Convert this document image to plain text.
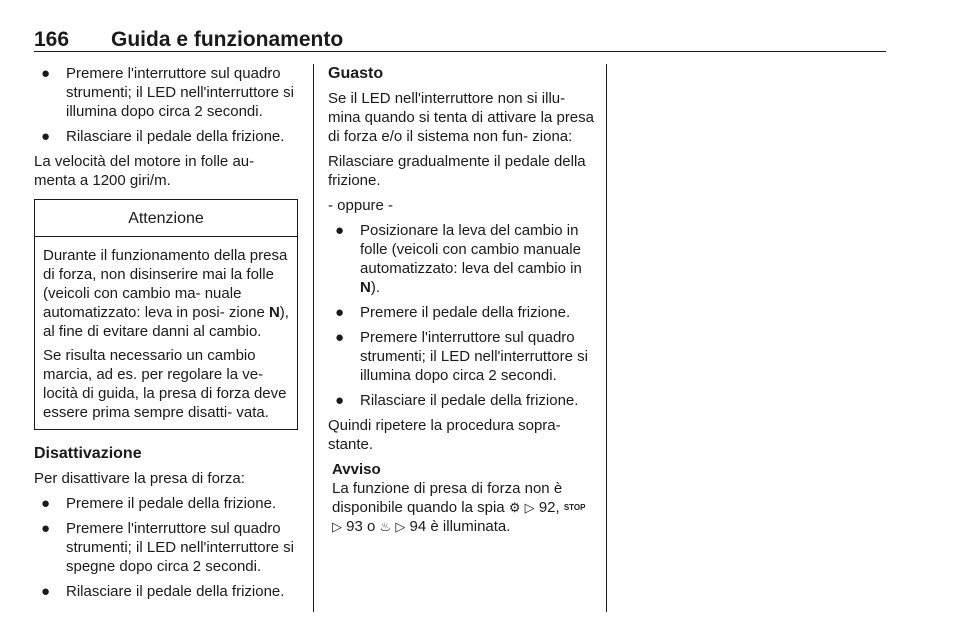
166 Guida e funzionamento
● Premere l'interruttore sul quadro strumenti; il LED nell'interruttore si illumina dopo circa 2 secondi.
● Rilasciare il pedale della frizione.

La velocità del motore in folle au- menta a 1200 giri/m.

Attenzione

Durante il funzionamento della presa di forza, non disinserire mai la folle (veicoli con cambio ma- nuale automatizzato: leva in posi- zione N), al fine di evitare danni al cambio.

Se risulta necessario un cambio marcia, ad es. per regolare la ve- locità di guida, la presa di forza deve essere prima sempre disatti- vata.

Disattivazione

Per disattivare la presa di forza:

● Premere il pedale della frizione.
● Premere l'interruttore sul quadro strumenti; il LED nell'interruttore si spegne dopo circa 2 secondi.
● Rilasciare il pedale della frizione.
Guasto

Se il LED nell'interruttore non si illu- mina quando si tenta di attivare la presa di forza e/o il sistema non fun- ziona:

Rilasciare gradualmente il pedale della frizione.

- oppure -

● Posizionare la leva del cambio in folle (veicoli con cambio manuale automatizzato: leva del cambio in N).
● Premere il pedale della frizione.
● Premere l'interruttore sul quadro strumenti; il LED nell'interruttore si illumina dopo circa 2 secondi.
● Rilasciare il pedale della frizione.

Quindi ripetere la procedura sopra- stante.

Avviso
La funzione di presa di forza non è disponibile quando la spia ⚙ ▷ 92, STOP ▷ 93 o ♨ ▷ 94 è illuminata.
